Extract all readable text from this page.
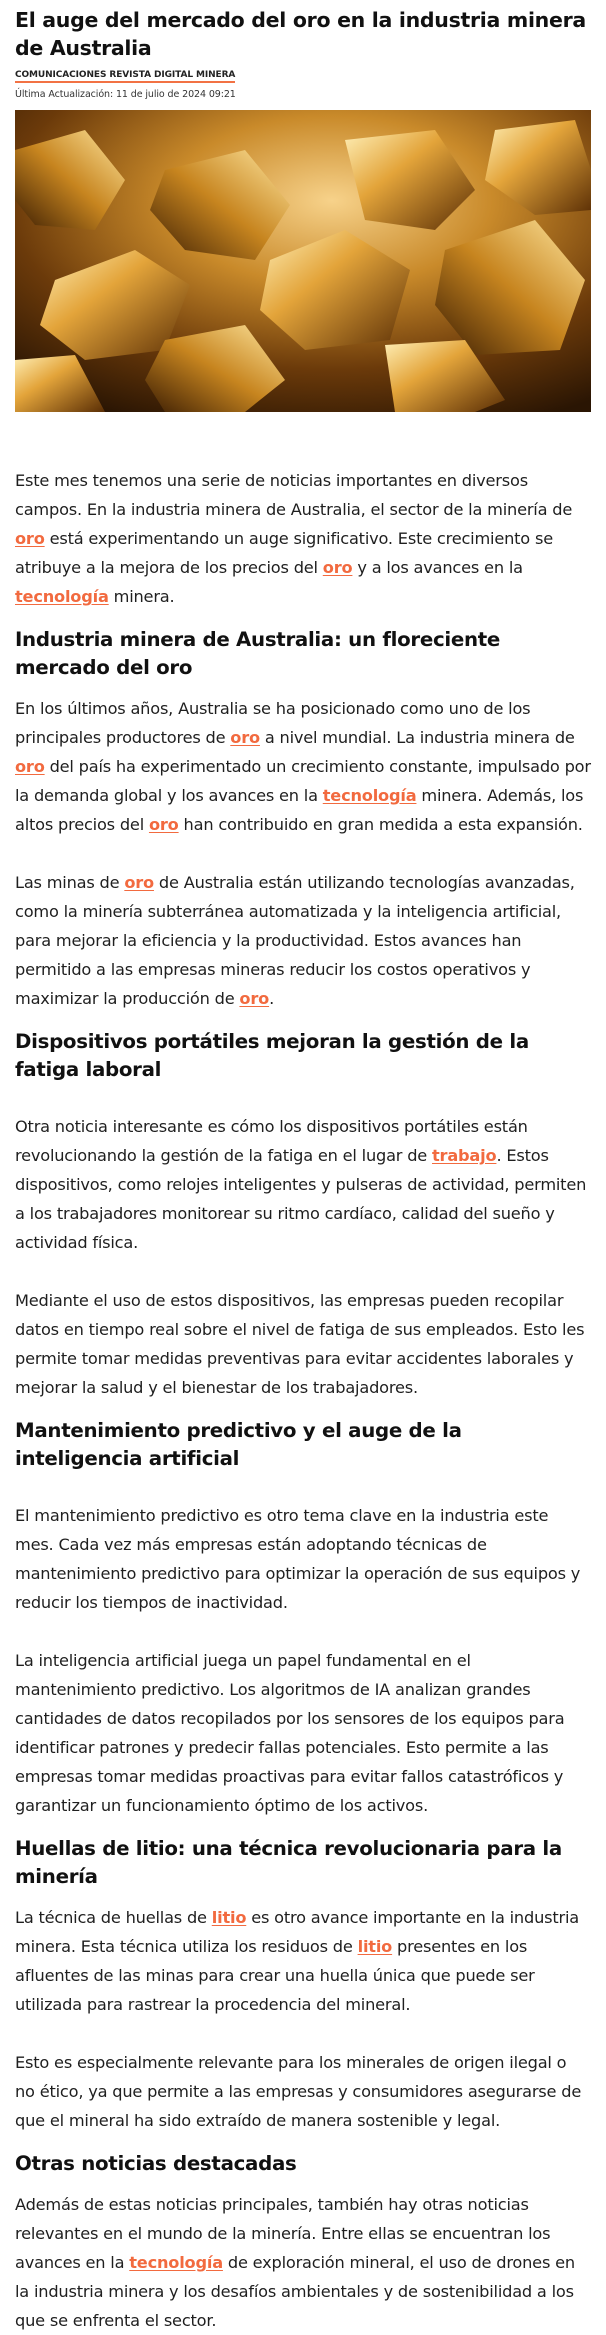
El auge del mercado del oro en la industria minera de Australia
COMUNICACIONES REVISTA DIGITAL MINERA
Última Actualización: 11 de julio de 2024 09:21

Este mes tenemos una serie de noticias importantes en diversos campos. En la industria minera de Australia, el sector de la minería de oro está experimentando un auge significativo. Este crecimiento se atribuye a la mejora de los precios del oro y a los avances en la tecnología minera.

Industria minera de Australia: un floreciente mercado del oro

En los últimos años, Australia se ha posicionado como uno de los principales productores de oro a nivel mundial. La industria minera de oro del país ha experimentado un crecimiento constante, impulsado por la demanda global y los avances en la tecnología minera. Además, los altos precios del oro han contribuido en gran medida a esta expansión.

Las minas de oro de Australia están utilizando tecnologías avanzadas, como la minería subterránea automatizada y la inteligencia artificial, para mejorar la eficiencia y la productividad. Estos avances han permitido a las empresas mineras reducir los costos operativos y maximizar la producción de oro.

Dispositivos portátiles mejoran la gestión de la fatiga laboral

Otra noticia interesante es cómo los dispositivos portátiles están revolucionando la gestión de la fatiga en el lugar de trabajo. Estos dispositivos, como relojes inteligentes y pulseras de actividad, permiten a los trabajadores monitorear su ritmo cardíaco, calidad del sueño y actividad física.

Mediante el uso de estos dispositivos, las empresas pueden recopilar datos en tiempo real sobre el nivel de fatiga de sus empleados. Esto les permite tomar medidas preventivas para evitar accidentes laborales y mejorar la salud y el bienestar de los trabajadores.

Mantenimiento predictivo y el auge de la inteligencia artificial

El mantenimiento predictivo es otro tema clave en la industria este mes. Cada vez más empresas están adoptando técnicas de mantenimiento predictivo para optimizar la operación de sus equipos y reducir los tiempos de inactividad.

La inteligencia artificial juega un papel fundamental en el mantenimiento predictivo. Los algoritmos de IA analizan grandes cantidades de datos recopilados por los sensores de los equipos para identificar patrones y predecir fallas potenciales. Esto permite a las empresas tomar medidas proactivas para evitar fallos catastróficos y garantizar un funcionamiento óptimo de los activos.

Huellas de litio: una técnica revolucionaria para la minería

La técnica de huellas de litio es otro avance importante en la industria minera. Esta técnica utiliza los residuos de litio presentes en los afluentes de las minas para crear una huella única que puede ser utilizada para rastrear la procedencia del mineral.

Esto es especialmente relevante para los minerales de origen ilegal o no ético, ya que permite a las empresas y consumidores asegurarse de que el mineral ha sido extraído de manera sostenible y legal.

Otras noticias destacadas

Además de estas noticias principales, también hay otras noticias relevantes en el mundo de la minería. Entre ellas se encuentran los avances en la tecnología de exploración mineral, el uso de drones en la industria minera y los desafíos ambientales y de sostenibilidad a los que se enfrenta el sector.
